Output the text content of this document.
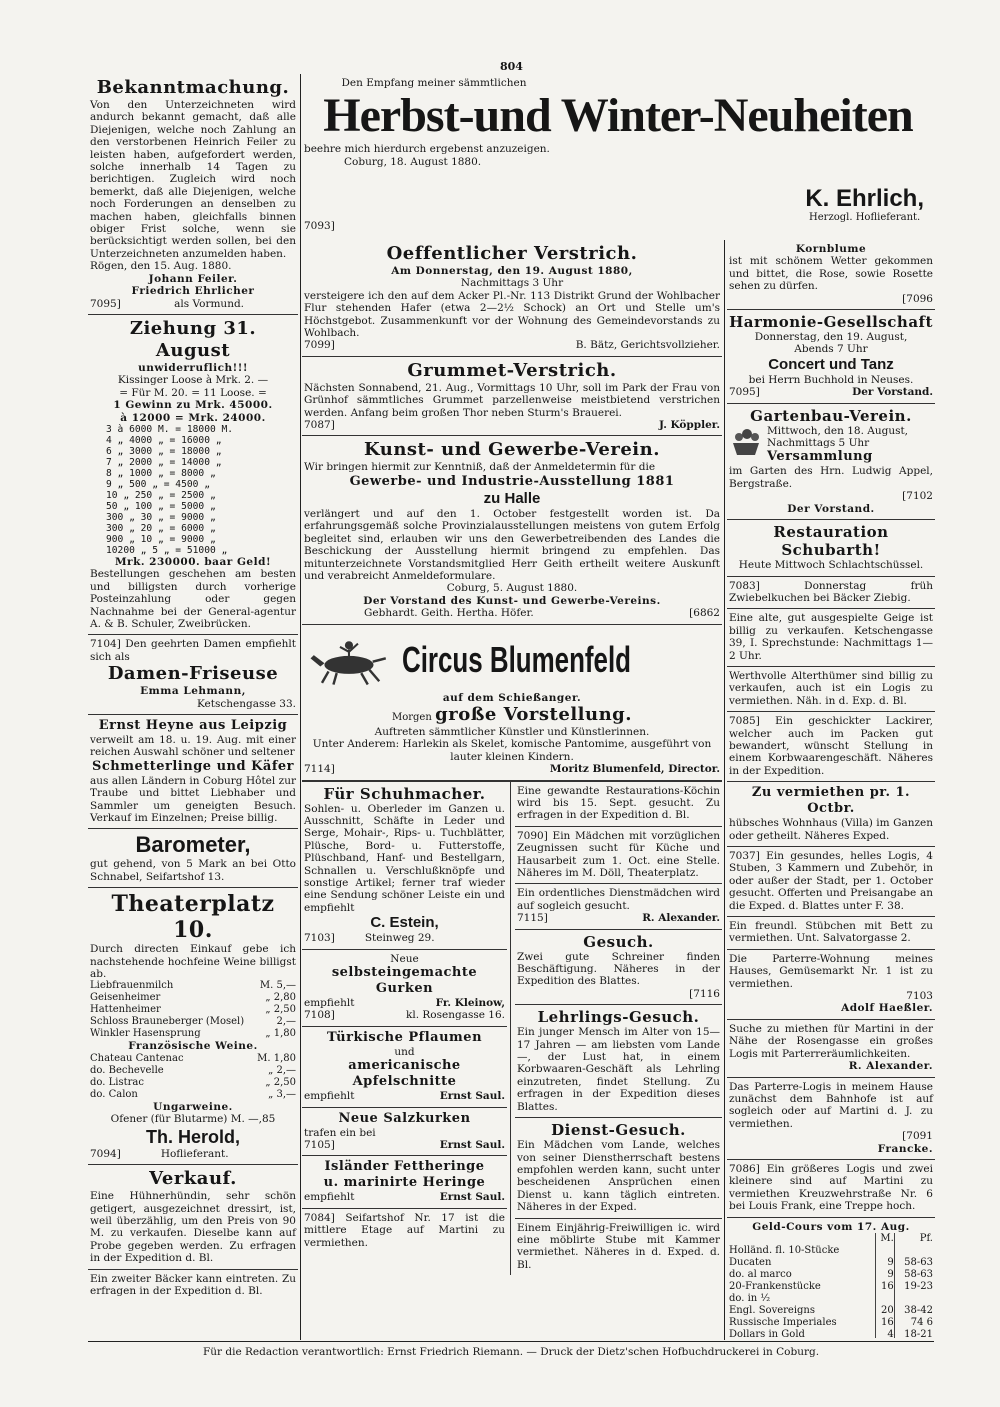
804

Bekanntmachung.

Von den Unterzeichneten wird andurch bekannt gemacht, daß alle Diejenigen, welche noch Zahlung an den verstorbenen Heinrich Feiler zu leisten haben, aufgefordert werden, solche innerhalb 14 Tagen zu berichtigen. Zugleich wird noch bemerkt, daß alle Diejenigen, welche noch Forderungen an denselben zu machen haben, gleichfalls binnen obiger Frist solche, wenn sie berücksichtigt werden sollen, bei den Unterzeichneten anzumelden haben.

Rögen, den 15. Aug. 1880.

Johann Feiler.

Friedrich Ehrlicher

7095]	als Vormund.

Ziehung 31. August

unwiderruflich!!!

Kissinger Loose à Mrk. 2. —

= Für M. 20. = 11 Loose. =

1 Gewinn zu Mrk. 45000.

à 12000 = Mrk. 24000.

3 à 6000 M. = 18000 M.
4 „ 4000 „ = 16000 „
6 „ 3000 „ = 18000 „
7 „ 2000 „ = 14000 „
8 „ 1000 „ = 8000 „
9 „ 500 „ = 4500 „
10 „ 250 „ = 2500 „
50 „ 100 „ = 5000 „
300 „ 30 „ = 9000 „
300 „ 20 „ = 6000 „
900 „ 10 „ = 9000 „
10200 „ 5 „ = 51000 „

Mrk. 230000. baar Geld!

Bestellungen geschehen am besten und billigsten durch vorherige Postеinzahlung oder gegen Nachnahme bei der General-agentur A. & B. Schuler, Zweibrücken.

7104] Den geehrten Damen empfiehlt sich als

Damen-Friseuse

Emma Lehmann,

Ketschengasse 33.

Ernst Heyne aus Leipzig

verweilt am 18. u. 19. Aug. mit einer reichen Auswahl schöner und seltener

Schmetterlinge und Käfer

aus allen Ländern in Coburg Hôtel zur Traube und bittet Liebhaber und Sammler um geneigten Besuch. Verkauf im Einzelnen; Preise billig.

Barometer,

gut gehend, von 5 Mark an bei Otto Schnabel, Seifartshof 13.

Theaterplatz 10.

Durch directen Einkauf gebe ich nachstehende hochfeine Weine billigst ab.

Liebfrauenmilch	M. 5,—
Geisenheimer	„ 2,80
Hattenheimer	„ 2,50
Schloss Brauneberger (Mosel)	2,—
Winkler Hasensprung	„ 1,80

Französische Weine.

Chateau Cantenac	M. 1,80
do. Bechevelle	„ 2,—
do. Listrac	„ 2,50
do. Calon	„ 3,—

Ungarweine.

Ofener (für Blutarme) M. —,85

Th. Herold,

7094]	Hoflieferant.

Verkauf.

Eine Hühnerhündin, sehr schön getigert, ausgezeichnet dressirt, ist, weil überzählig, um den Preis von 90 M. zu verkaufen. Dieselbe kann auf Probe gegeben werden. Zu erfragen in der Expedition d. Bl.

Ein zweiter Bäcker kann eintreten. Zu erfragen in der Expedition d. Bl.

Den Empfang meiner sämmtlichen

Herbst-und Winter-Neuheiten

beehre mich hierdurch ergebenst anzuzeigen.

Coburg, 18. August 1880.

K. Ehrlich,
Herzogl. Hoflieferant.

7093]

Oeffentlicher Verstrich.

Am Donnerstag, den 19. August 1880,

Nachmittags 3 Uhr

versteigere ich den auf dem Acker Pl.-Nr. 113 Distrikt Grund der Wohlbacher Flur stehenden Hafer (etwa 2—2½ Schock) an Ort und Stelle um's Höchstgebot. Zusammenkunft vor der Wohnung des Gemeindevorstands zu Wohlbach.

7099]	B. Bätz, Gerichtsvollzieher.

Grummet-Verstrich.

Nächsten Sonnabend, 21. Aug., Vormittags 10 Uhr, soll im Park der Frau von Grünhof sämmtliches Grummet parzellenweise meistbietend verstrichen werden. Anfang beim großen Thor neben Sturm's Brauerei.

7087]	J. Köppler.

Kunst- und Gewerbe-Verein.

Wir bringen hiermit zur Kenntniß, daß der Anmeldetermin für die

Gewerbe- und Industrie-Ausstellung 1881

zu Halle

verlängert und auf den 1. October festgestellt worden ist. Da erfahrungsgemäß solche Provinzialausstellungen meistens von gutem Erfolg begleitet sind, erlauben wir uns den Gewerbetreibenden des Landes die Beschickung der Ausstellung hiermit bringend zu empfehlen. Das mitunterzeichnete Vorstandsmitglied Herr Geith ertheilt weitere Auskunft und verabreicht Anmeldeformulare.

Coburg, 5. August 1880.

Der Vorstand des Kunst- und Gewerbe-Vereins.

Gebhardt. Geith. Hertha. Höfer.	[6862

Circus Blumenfeld

auf dem Schießanger.

Morgen große Vorstellung.

Auftreten sämmtlicher Künstler und Künstlerinnen.

Unter Anderem: Harlekin als Skelet, komische Pantomime, ausgeführt von lauter kleinen Kindern.

7114]	Moritz Blumenfeld, Director.

Für Schuhmacher.

Sohlen- u. Oberleder im Ganzen u. Ausschnitt, Schäfte in Leder und Serge, Mohair-, Rips- u. Tuchblätter, Plüsche, Bord- u. Futterstoffe, Plüschband, Hanf- und Bestellgarn, Schnallen u. Verschlußknöpfe und sonstige Artikel; ferner traf wieder eine Sendung schöner Leiste ein und empfiehlt

C. Estein,

7103]	Steinweg 29.

Neue

selbsteingemachte Gurken

empfiehlt	Fr. Kleinow,

7108]	kl. Rosengasse 16.

Türkische Pflaumen

und

americanische Apfelschnitte

empfiehlt	Ernst Saul.

Neue Salzkurken

trafen ein bei

7105]	Ernst Saul.

Isländer Fettheringe

u. marinirte Heringe

empfiehlt	Ernst Saul.

7084] Seifartshof Nr. 17 ist die mittlere Etage auf Martini zu vermiethen.

Eine gewandte Restaurations-Köchin wird bis 15. Sept. gesucht. Zu erfragen in der Expedition d. Bl.

7090] Ein Mädchen mit vorzüglichen Zeugnissen sucht für Küche und Hausarbeit zum 1. Oct. eine Stelle. Näheres im M. Döll, Theaterplatz.

Ein ordentliches Dienstmädchen wird auf sogleich gesucht.

7115]	R. Alexander.

Gesuch.

Zwei gute Schreiner finden Beschäftigung. Näheres in der Expedition des Blattes.

[7116

Lehrlings-Gesuch.

Ein junger Mensch im Alter von 15—17 Jahren — am liebsten vom Lande —, der Lust hat, in einem Korbwaaren-Geschäft als Lehrling einzutreten, findet Stellung. Zu erfragen in der Expedition dieses Blattes.

Dienst-Gesuch.

Ein Mädchen vom Lande, welches von seiner Dienstherrschaft bestens empfohlen werden kann, sucht unter bescheidenen Ansprüchen einen Dienst u. kann täglich eintreten. Näheres in der Exped.

Einem Einjährig-Freiwilligen ic. wird eine möblirte Stube mit Kammer vermiethet. Näheres in d. Exped. d. Bl.

Kornblume

ist mit schönem Wetter gekommen und bittet, die Rose, sowie Rosette sehen zu dürfen.

[7096

Harmonie-Gesellschaft

Donnerstag, den 19. August,

Abends 7 Uhr

Concert und Tanz

bei Herrn Buchhold in Neuses.

7095]	Der Vorstand.

Gartenbau-Verein.

Mittwoch, den 18. August,

Nachmittags 5 Uhr

Versammlung

im Garten des Hrn. Ludwig Appel, Bergstraße.

[7102

Der Vorstand.

Restauration Schubarth!

Heute Mittwoch Schlachtschüssel.

7083] Donnerstag früh Zwiebelkuchen bei Bäcker Ziebig.

Eine alte, gut ausgespielte Geige ist billig zu verkaufen. Ketschengasse 39, I. Sprechstunde: Nachmittags 1—2 Uhr.

Werthvolle Alterthümer sind billig zu verkaufen, auch ist ein Logis zu vermiethen. Näh. in d. Exp. d. Bl.

7085] Ein geschickter Lackirer, welcher auch im Packen gut bewandert, wünscht Stellung in einem Korbwaarengeschäft. Näheres in der Expedition.

Zu vermiethen pr. 1. Octbr.

hübsches Wohnhaus (Villa) im Ganzen oder getheilt. Näheres Exped.

7037] Ein gesundes, helles Logis, 4 Stuben, 3 Kammern und Zubehör, in oder außer der Stadt, per 1. October gesucht. Offerten und Preisangabe an die Exped. d. Blattes unter F. 38.

Ein freundl. Stübchen mit Bett zu vermiethen. Unt. Salvatorgasse 2.

Die Parterre-Wohnung meines Hauses, Gemüsemarkt Nr. 1 ist zu vermiethen.

7103

Adolf Haeßler.

Suche zu miethen für Martini in der Nähe der Rosengasse ein großes Logis mit Parterreräumlichkeiten.

R. Alexander.

Das Parterre-Logis in meinem Hause zunächst dem Bahnhofe ist auf sogleich oder auf Martini d. J. zu vermiethen.

[7091

Francke.

7086] Ein größeres Logis und zwei kleinere sind auf Martini zu vermiethen Kreuzwehrstraße Nr. 6 bei Louis Frank, eine Treppe hoch.

Geld-Cours vom 17. Aug.

	M.	Pf.
Holländ. fl. 10-Stücke		
Ducaten	9	58-63
do. al marco	9	58-63
20-Frankenstücke	16	19-23
do. in ⅟₂		
Engl. Sovereigns	20	38-42
Russische Imperiales	16	74 6
Dollars in Gold	4	18-21
Für die Redaction verantwortlich: Ernst Friedrich Riemann. — Druck der Dietz'schen Hofbuchdruckerei in Coburg.
